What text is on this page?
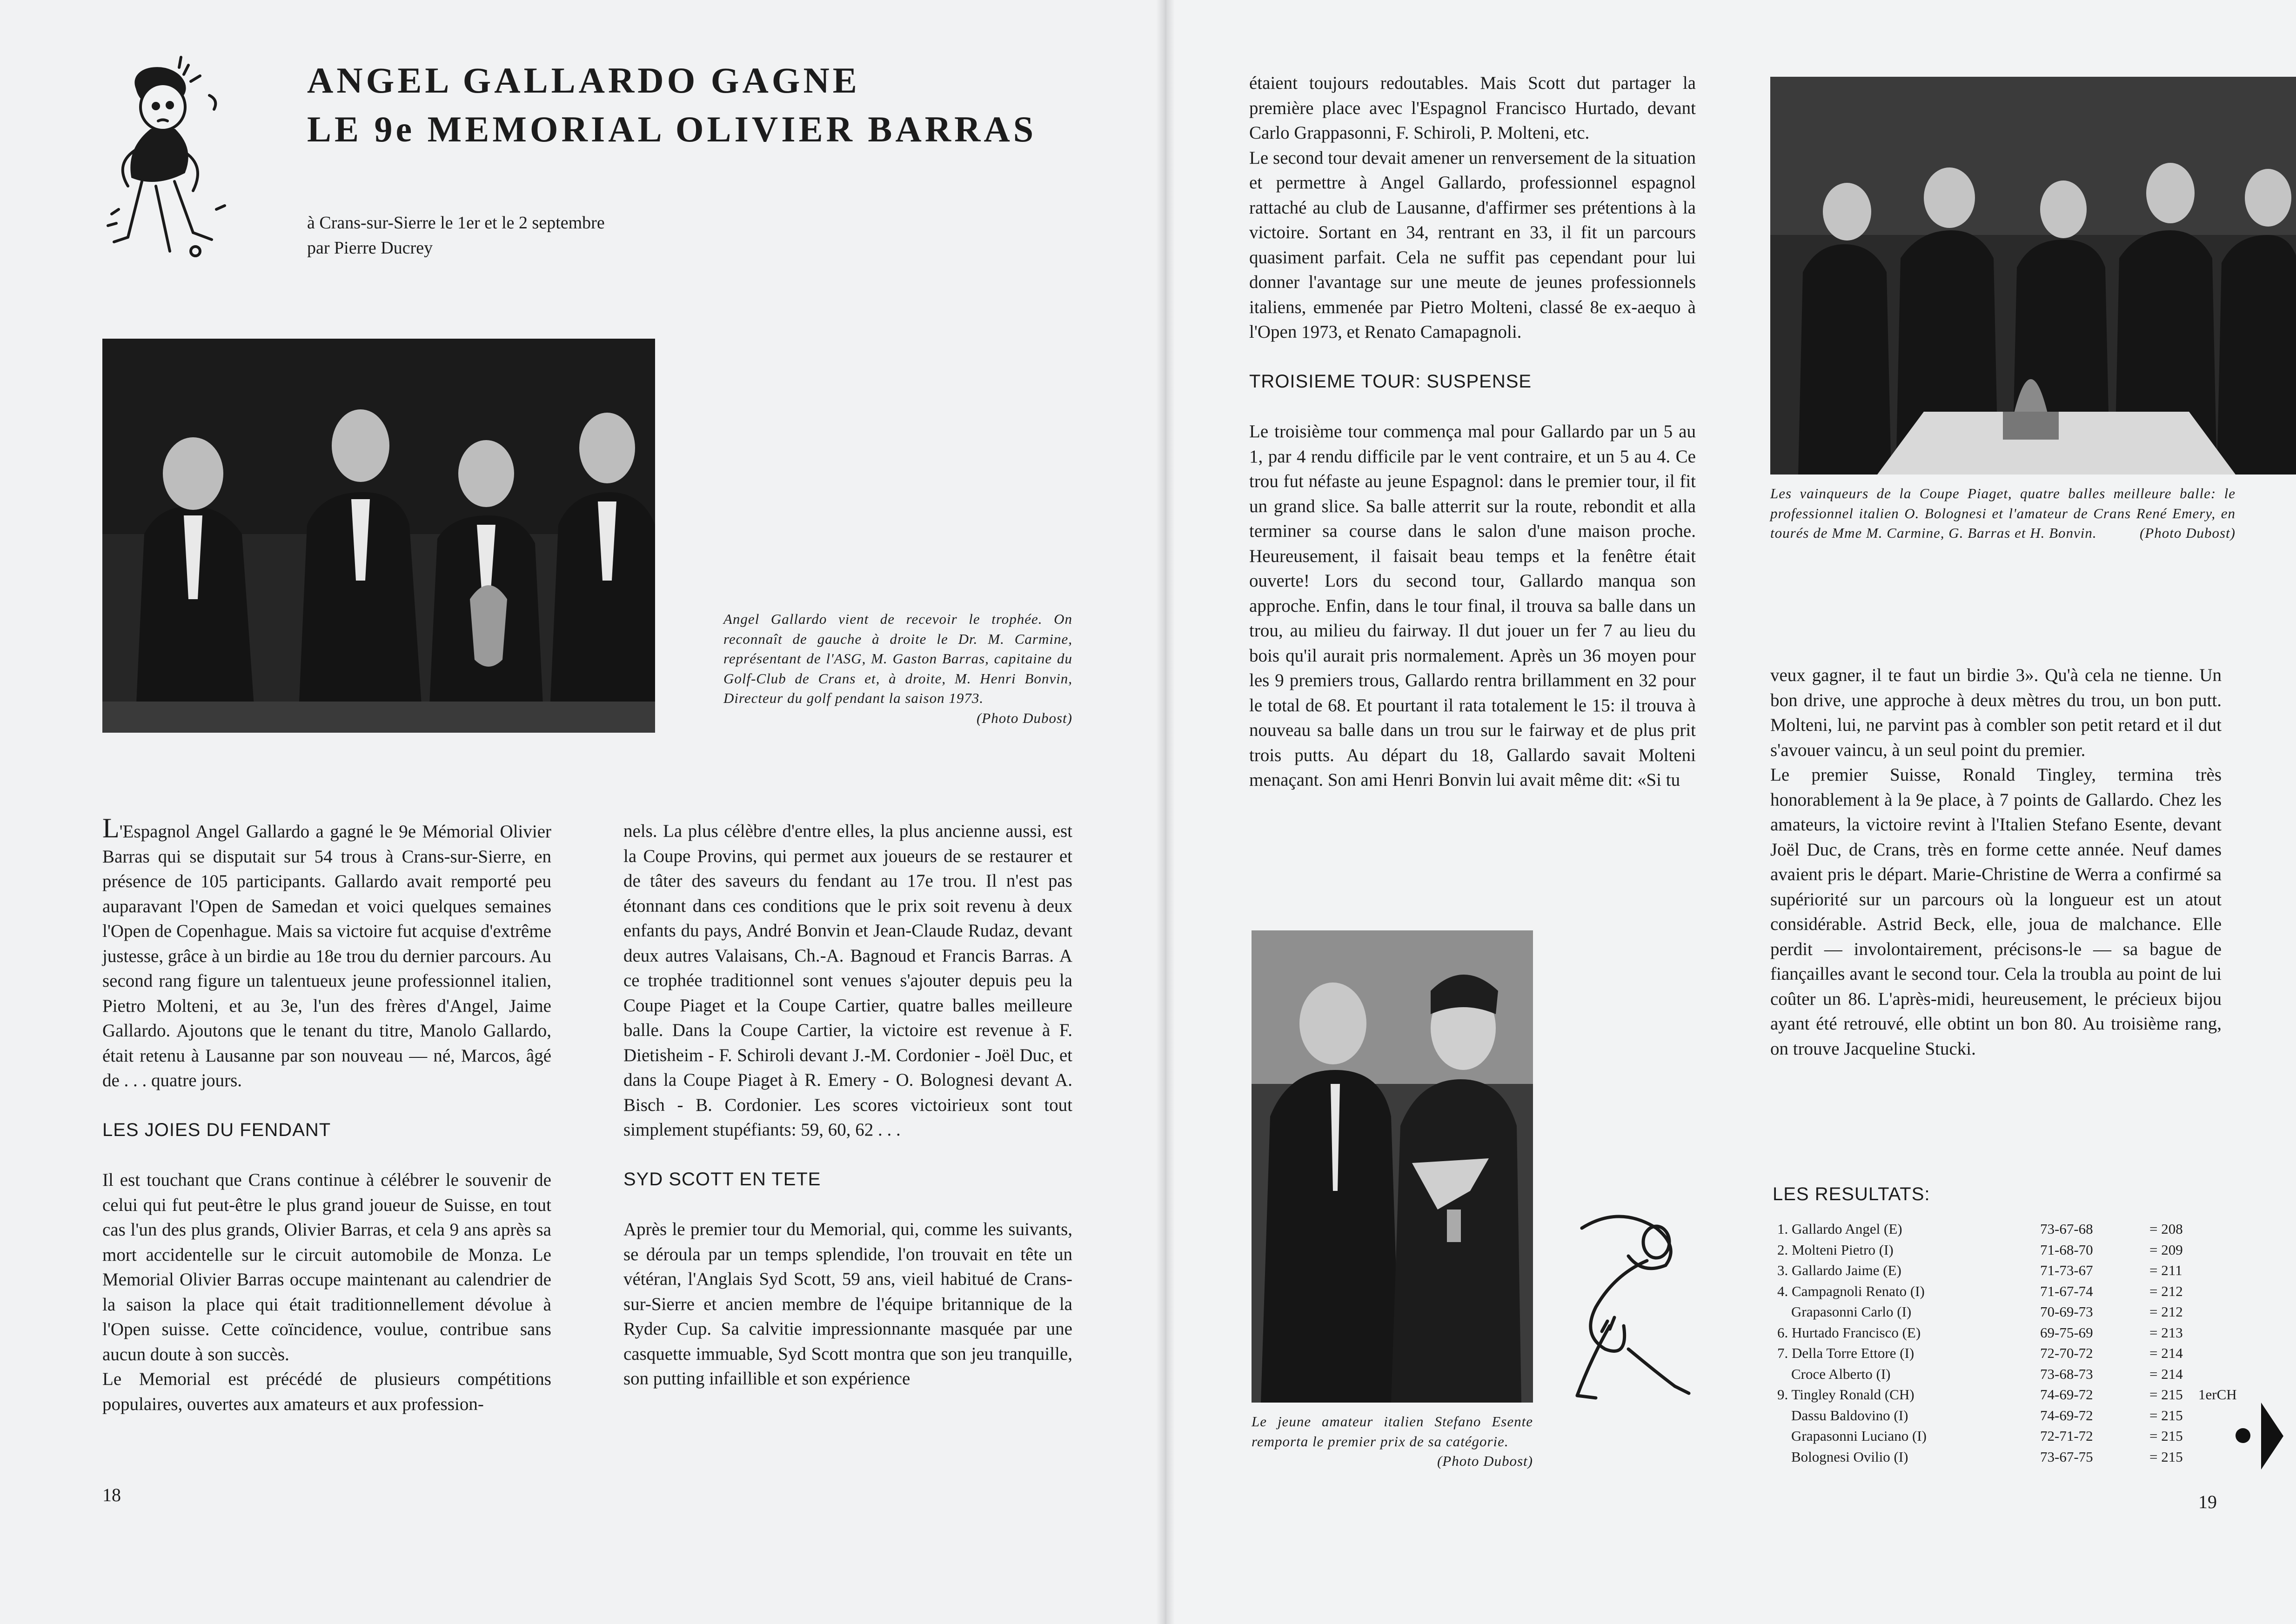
ANGEL GALLARDO GAGNE
LE 9e MEMORIAL OLIVIER BARRAS
à Crans-sur-Sierre le 1er et le 2 septembre
par Pierre Ducrey
Angel Gallardo vient de recevoir le trophée. On reconnaît de gauche à droite le Dr. M. Carmine, représentant de l'ASG, M. Gaston Barras, capitaine du Golf-Club de Crans et, à droite, M. Henri Bonvin, Directeur du golf pendant la saison 1973.
(Photo Dubost)

L'Espagnol Angel Gallardo a gagné le 9e Mémorial Olivier Barras qui se disputait sur 54 trous à Crans-sur-Sierre, en présence de 105 participants. Gallardo avait remporté peu auparavant l'Open de Samedan et voici quelques semaines l'Open de Copenhague. Mais sa victoire fut acquise d'extrême justesse, grâce à un birdie au 18e trou du dernier parcours. Au second rang figure un talentueux jeune professionnel italien, Pietro Molteni, et au 3e, l'un des frères d'Angel, Jaime Gallardo. Ajoutons que le tenant du titre, Manolo Gallardo, était retenu à Lausanne par son nouveau — né, Marcos, âgé de . . . quatre jours.

LES JOIES DU FENDANT

Il est touchant que Crans continue à célébrer le souvenir de celui qui fut peut-être le plus grand joueur de Suisse, en tout cas l'un des plus grands, Olivier Barras, et cela 9 ans après sa mort accidentelle sur le circuit automobile de Monza. Le Memorial Olivier Barras occupe maintenant au calendrier de la saison la place qui était traditionnellement dévolue à l'Open suisse. Cette coïncidence, voulue, contribue sans aucun doute à son succès.

Le Memorial est précédé de plusieurs compétitions populaires, ouvertes aux amateurs et aux profession-

nels. La plus célèbre d'entre elles, la plus ancienne aussi, est la Coupe Provins, qui permet aux joueurs de se restaurer et de tâter des saveurs du fendant au 17e trou. Il n'est pas étonnant dans ces conditions que le prix soit revenu à deux enfants du pays, André Bonvin et Jean-Claude Rudaz, devant deux autres Valaisans, Ch.-A. Bagnoud et Francis Barras. A ce trophée traditionnel sont venues s'ajouter depuis peu la Coupe Piaget et la Coupe Cartier, quatre balles meilleure balle. Dans la Coupe Cartier, la victoire est revenue à F. Dietisheim - F. Schiroli devant J.-M. Cordonier - Joël Duc, et dans la Coupe Piaget à R. Emery - O. Bolognesi devant A. Bisch - B. Cordonier. Les scores victoirieux sont tout simplement stupéfiants: 59, 60, 62 . . .

SYD SCOTT EN TETE

Après le premier tour du Memorial, qui, comme les suivants, se déroula par un temps splendide, l'on trouvait en tête un vétéran, l'Anglais Syd Scott, 59 ans, vieil habitué de Crans-sur-Sierre et ancien membre de l'équipe britannique de la Ryder Cup. Sa calvitie impressionnante masquée par une casquette immuable, Syd Scott montra que son jeu tranquille, son putting infaillible et son expérience

18

étaient toujours redoutables. Mais Scott dut partager la première place avec l'Espagnol Francisco Hurtado, devant Carlo Grappasonni, F. Schiroli, P. Molteni, etc.

Le second tour devait amener un renversement de la situation et permettre à Angel Gallardo, professionnel espagnol rattaché au club de Lausanne, d'affirmer ses prétentions à la victoire. Sortant en 34, rentrant en 33, il fit un parcours quasiment parfait. Cela ne suffit pas cependant pour lui donner l'avantage sur une meute de jeunes professionnels italiens, emmenée par Pietro Molteni, classé 8e ex-aequo à l'Open 1973, et Renato Camapagnoli.

TROISIEME TOUR: SUSPENSE

Le troisième tour commença mal pour Gallardo par un 5 au 1, par 4 rendu difficile par le vent contraire, et un 5 au 4. Ce trou fut néfaste au jeune Espagnol: dans le premier tour, il fit un grand slice. Sa balle atterrit sur la route, rebondit et alla terminer sa course dans le salon d'une maison proche. Heureusement, il faisait beau temps et la fenêtre était ouverte! Lors du second tour, Gallardo manqua son approche. Enfin, dans le tour final, il trouva sa balle dans un trou, au milieu du fairway. Il dut jouer un fer 7 au lieu du bois qu'il aurait pris normalement. Après un 36 moyen pour les 9 premiers trous, Gallardo rentra brillamment en 32 pour le total de 68. Et pourtant il rata totalement le 15: il trouva à nouveau sa balle dans un trou sur le fairway et de plus prit trois putts. Au départ du 18, Gallardo savait Molteni menaçant. Son ami Henri Bonvin lui avait même dit: «Si tu

Les vainqueurs de la Coupe Piaget, quatre balles meilleure balle: le professionnel italien O. Bolognesi et l'amateur de Crans René Emery, en tourés de Mme M. Carmine, G. Barras et H. Bonvin.	(Photo Dubost)

veux gagner, il te faut un birdie 3». Qu'à cela ne tienne. Un bon drive, une approche à deux mètres du trou, un bon putt. Molteni, lui, ne parvint pas à combler son petit retard et il dut s'avouer vaincu, à un seul point du premier.

Le premier Suisse, Ronald Tingley, termina très honorablement à la 9e place, à 7 points de Gallardo. Chez les amateurs, la victoire revint à l'Italien Stefano Esente, devant Joël Duc, de Crans, très en forme cette année. Neuf dames avaient pris le départ. Marie-Christine de Werra a confirmé sa supériorité sur un parcours où la longueur est un atout considérable. Astrid Beck, elle, joua de malchance. Elle perdit — involontairement, précisons-le — sa bague de fiançailles avant le second tour. Cela la troubla au point de lui coûter un 86. L'après-midi, heureusement, le précieux bijou ayant été retrouvé, elle obtint un bon 80. Au troisième rang, on trouve Jacqueline Stucki.

Le jeune amateur italien Stefano Esente remporta le premier prix de sa catégorie.
(Photo Dubost)
LES RESULTATS:
1. Gallardo Angel (E)	73-67-68	= 208
2. Molteni Pietro (I)	71-68-70	= 209
3. Gallardo Jaime (E)	71-73-67	= 211
4. Campagnoli Renato (I)	71-67-74	= 212
Grapasonni Carlo (I)	70-69-73	= 212
6. Hurtado Francisco (E)	69-75-69	= 213
7. Della Torre Ettore (I)	72-70-72	= 214
Croce Alberto (I)	73-68-73	= 214
9. Tingley Ronald (CH)	74-69-72	= 215 1erCH
Dassu Baldovino (I)	74-69-72	= 215
Grapasonni Luciano (I)	72-71-72	= 215
Bolognesi Ovilio (I)	73-67-75	= 215
19
